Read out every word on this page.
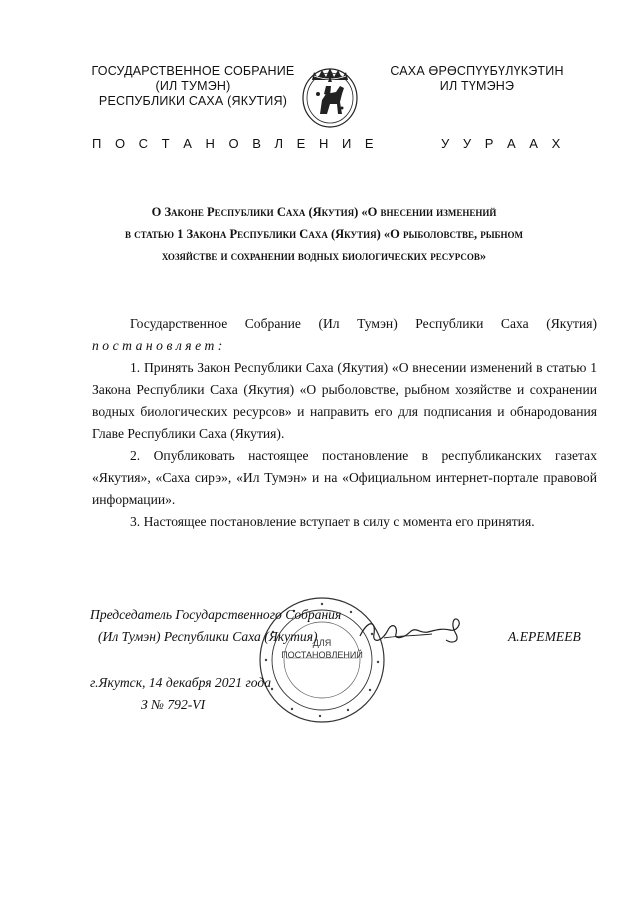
ГОСУДАРСТВЕННОЕ СОБРАНИЕ
(ИЛ ТУМЭН)
РЕСПУБЛИКИ САХА (ЯКУТИЯ)
САХА ӨРӨСПҮҮБҮЛҮКЭТИН
ИЛ ТҮМЭНЭ
П О С Т А Н О В Л Е Н И Е	У У Р А А Х
О Законе Республики Саха (Якутия) «О внесении изменений
в статью 1 Закона Республики Саха (Якутия) «О рыболовстве, рыбном
хозяйстве и сохранении водных биологических ресурсов»
Государственное Собрание (Ил Тумэн) Республики Саха (Якутия)
постановляет:
1. Принять Закон Республики Саха (Якутия) «О внесении изменений в статью 1 Закона Республики Саха (Якутия) «О рыболовстве, рыбном хозяйстве и сохранении водных биологических ресурсов» и направить его для подписания и обнародования Главе Республики Саха (Якутия).
2. Опубликовать настоящее постановление в республиканских газетах «Якутия», «Саха сирэ», «Ил Тумэн» и на «Официальном интернет-портале правовой информации».
3. Настоящее постановление вступает в силу с момента его принятия.
ДЛЯ
ПОСТАНОВЛЕНИЙ
Председатель Государственного Собрания
(Ил Тумэн) Республики Саха (Якутия)	А.ЕРЕМЕЕВ
г.Якутск, 14 декабря 2021 года
З № 792-VI
